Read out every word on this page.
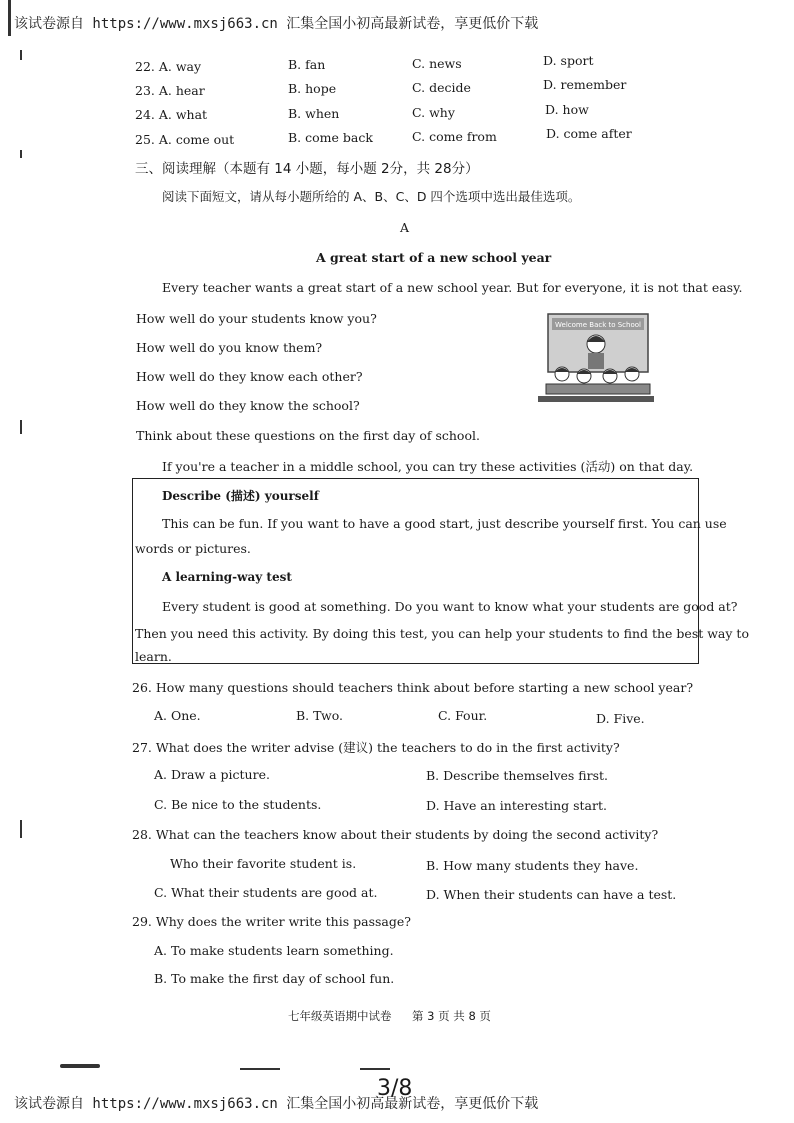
该试卷源自 https://www.mxsj663.cn 汇集全国小初高最新试卷，享更低价下载
该试卷源自 https://www.mxsj663.cn 汇集全国小初高最新试卷，享更低价下载
22. A. way	B. fan	C. news	D. sport
23. A. hear	B. hope	C. decide	D. remember
24. A. what	B. when	C. why	D. how
25. A. come out	B. come back	C. come from	D. come after
三、阅读理解（本题有 14 小题，每小题 2分，共 28分）
阅读下面短文，请从每小题所给的 A、B、C、D 四个选项中选出最佳选项。
A
A great start of a new school year
Every teacher wants a great start of a new school year. But for everyone, it is not that easy.
How well do your students know you?
How well do you know them?
How well do they know each other?
How well do they know the school?
Think about these questions on the first day of school.
If you're a teacher in a middle school, you can try these activities (活动) on that day.
Welcome Back to School
Describe (描述) yourself
This can be fun. If you want to have a good start, just describe yourself first. You can use
words or pictures.
A learning-way test
Every student is good at something. Do you want to know what your students are good at?
Then you need this activity. By doing this test, you can help your students to find the best way to
learn.
26. How many questions should teachers think about before starting a new school year?
A. One.	B. Two.	C. Four.	D. Five.
27. What does the writer advise (建议) the teachers to do in the first activity?
A. Draw a picture.	B. Describe themselves first.
C. Be nice to the students.	D. Have an interesting start.
28. What can the teachers know about their students by doing the second activity?
Who their favorite student is.	B. How many students they have.
C. What their students are good at.	D. When their students can have a test.
29. Why does the writer write this passage?
A. To make students learn something.
B. To make the first day of school fun.
七年级英语期中试卷 第 3 页 共 8 页
3/8
